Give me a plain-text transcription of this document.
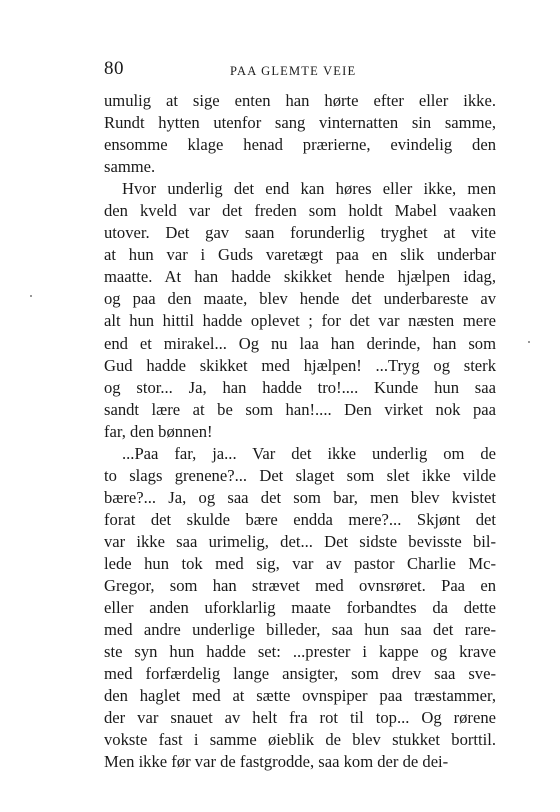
80	PAA GLEMTE VEIE
umulig at sige enten han hørte efter eller ikke.
Rundt hytten utenfor sang vinternatten sin samme,
ensomme klage henad prærierne, evindelig den
samme.
Hvor underlig det end kan høres eller ikke, men
den kveld var det freden som holdt Mabel vaaken
utover. Det gav saan forunderlig tryghet at vite
at hun var i Guds varetægt paa en slik underbar
maatte. At han hadde skikket hende hjælpen idag,
og paa den maate, blev hende det underbareste av
alt hun hittil hadde oplevet ; for det var næsten mere
end et mirakel... Og nu laa han derinde, han som
Gud hadde skikket med hjælpen! ...Tryg og sterk
og stor... Ja, han hadde tro!.... Kunde hun saa
sandt lære at be som han!.... Den virket nok paa
far, den bønnen!
...Paa far, ja... Var det ikke underlig om de
to slags grenene?... Det slaget som slet ikke vilde
bære?... Ja, og saa det som bar, men blev kvistet
forat det skulde bære endda mere?... Skjønt det
var ikke saa urimelig, det... Det sidste bevisste bil-
lede hun tok med sig, var av pastor Charlie Mc-
Gregor, som han strævet med ovnsrøret. Paa en
eller anden uforklarlig maate forbandtes da dette
med andre underlige billeder, saa hun saa det rare-
ste syn hun hadde set: ...prester i kappe og krave
med forfærdelig lange ansigter, som drev saa sve-
den haglet med at sætte ovnspiper paa træstammer,
der var snauet av helt fra rot til top... Og rørene
vokste fast i samme øieblik de blev stukket borttil.
Men ikke før var de fastgrodde, saa kom der de dei-
